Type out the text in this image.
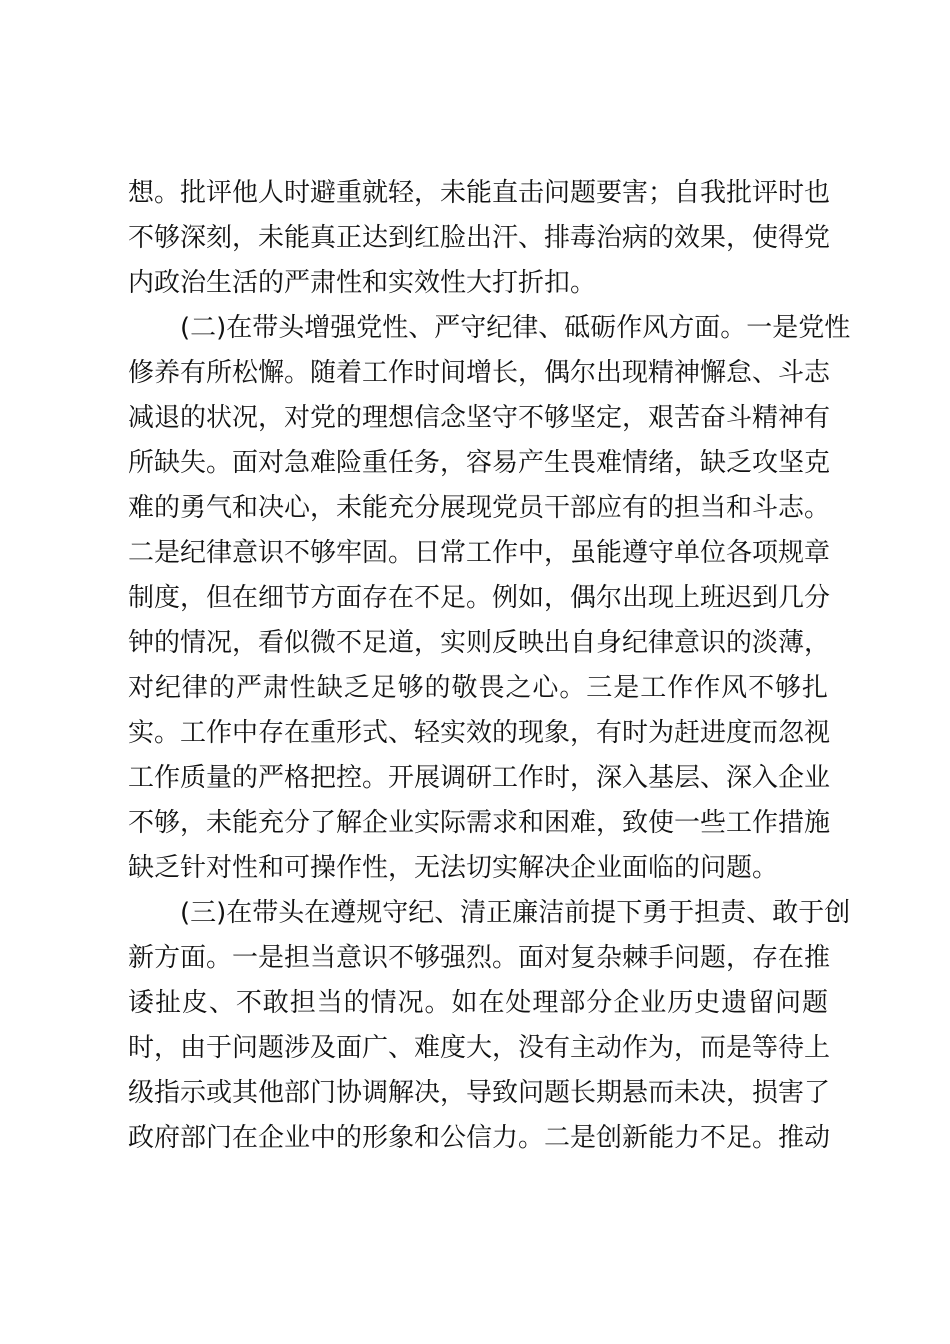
想。批评他人时避重就轻，未能直击问题要害；自我批评时也
不够深刻，未能真正达到红脸出汗、排毒治病的效果，使得党
内政治生活的严肃性和实效性大打折扣。
(二)在带头增强党性、严守纪律、砥砺作风方面。一是党性
修养有所松懈。随着工作时间增长，偶尔出现精神懈怠、斗志
减退的状况，对党的理想信念坚守不够坚定，艰苦奋斗精神有
所缺失。面对急难险重任务，容易产生畏难情绪，缺乏攻坚克
难的勇气和决心，未能充分展现党员干部应有的担当和斗志。
二是纪律意识不够牢固。日常工作中，虽能遵守单位各项规章
制度，但在细节方面存在不足。例如，偶尔出现上班迟到几分
钟的情况，看似微不足道，实则反映出自身纪律意识的淡薄，
对纪律的严肃性缺乏足够的敬畏之心。三是工作作风不够扎
实。工作中存在重形式、轻实效的现象，有时为赶进度而忽视
工作质量的严格把控。开展调研工作时，深入基层、深入企业
不够，未能充分了解企业实际需求和困难，致使一些工作措施
缺乏针对性和可操作性，无法切实解决企业面临的问题。
(三)在带头在遵规守纪、清正廉洁前提下勇于担责、敢于创
新方面。一是担当意识不够强烈。面对复杂棘手问题，存在推
诿扯皮、不敢担当的情况。如在处理部分企业历史遗留问题
时，由于问题涉及面广、难度大，没有主动作为，而是等待上
级指示或其他部门协调解决，导致问题长期悬而未决，损害了
政府部门在企业中的形象和公信力。二是创新能力不足。推动
